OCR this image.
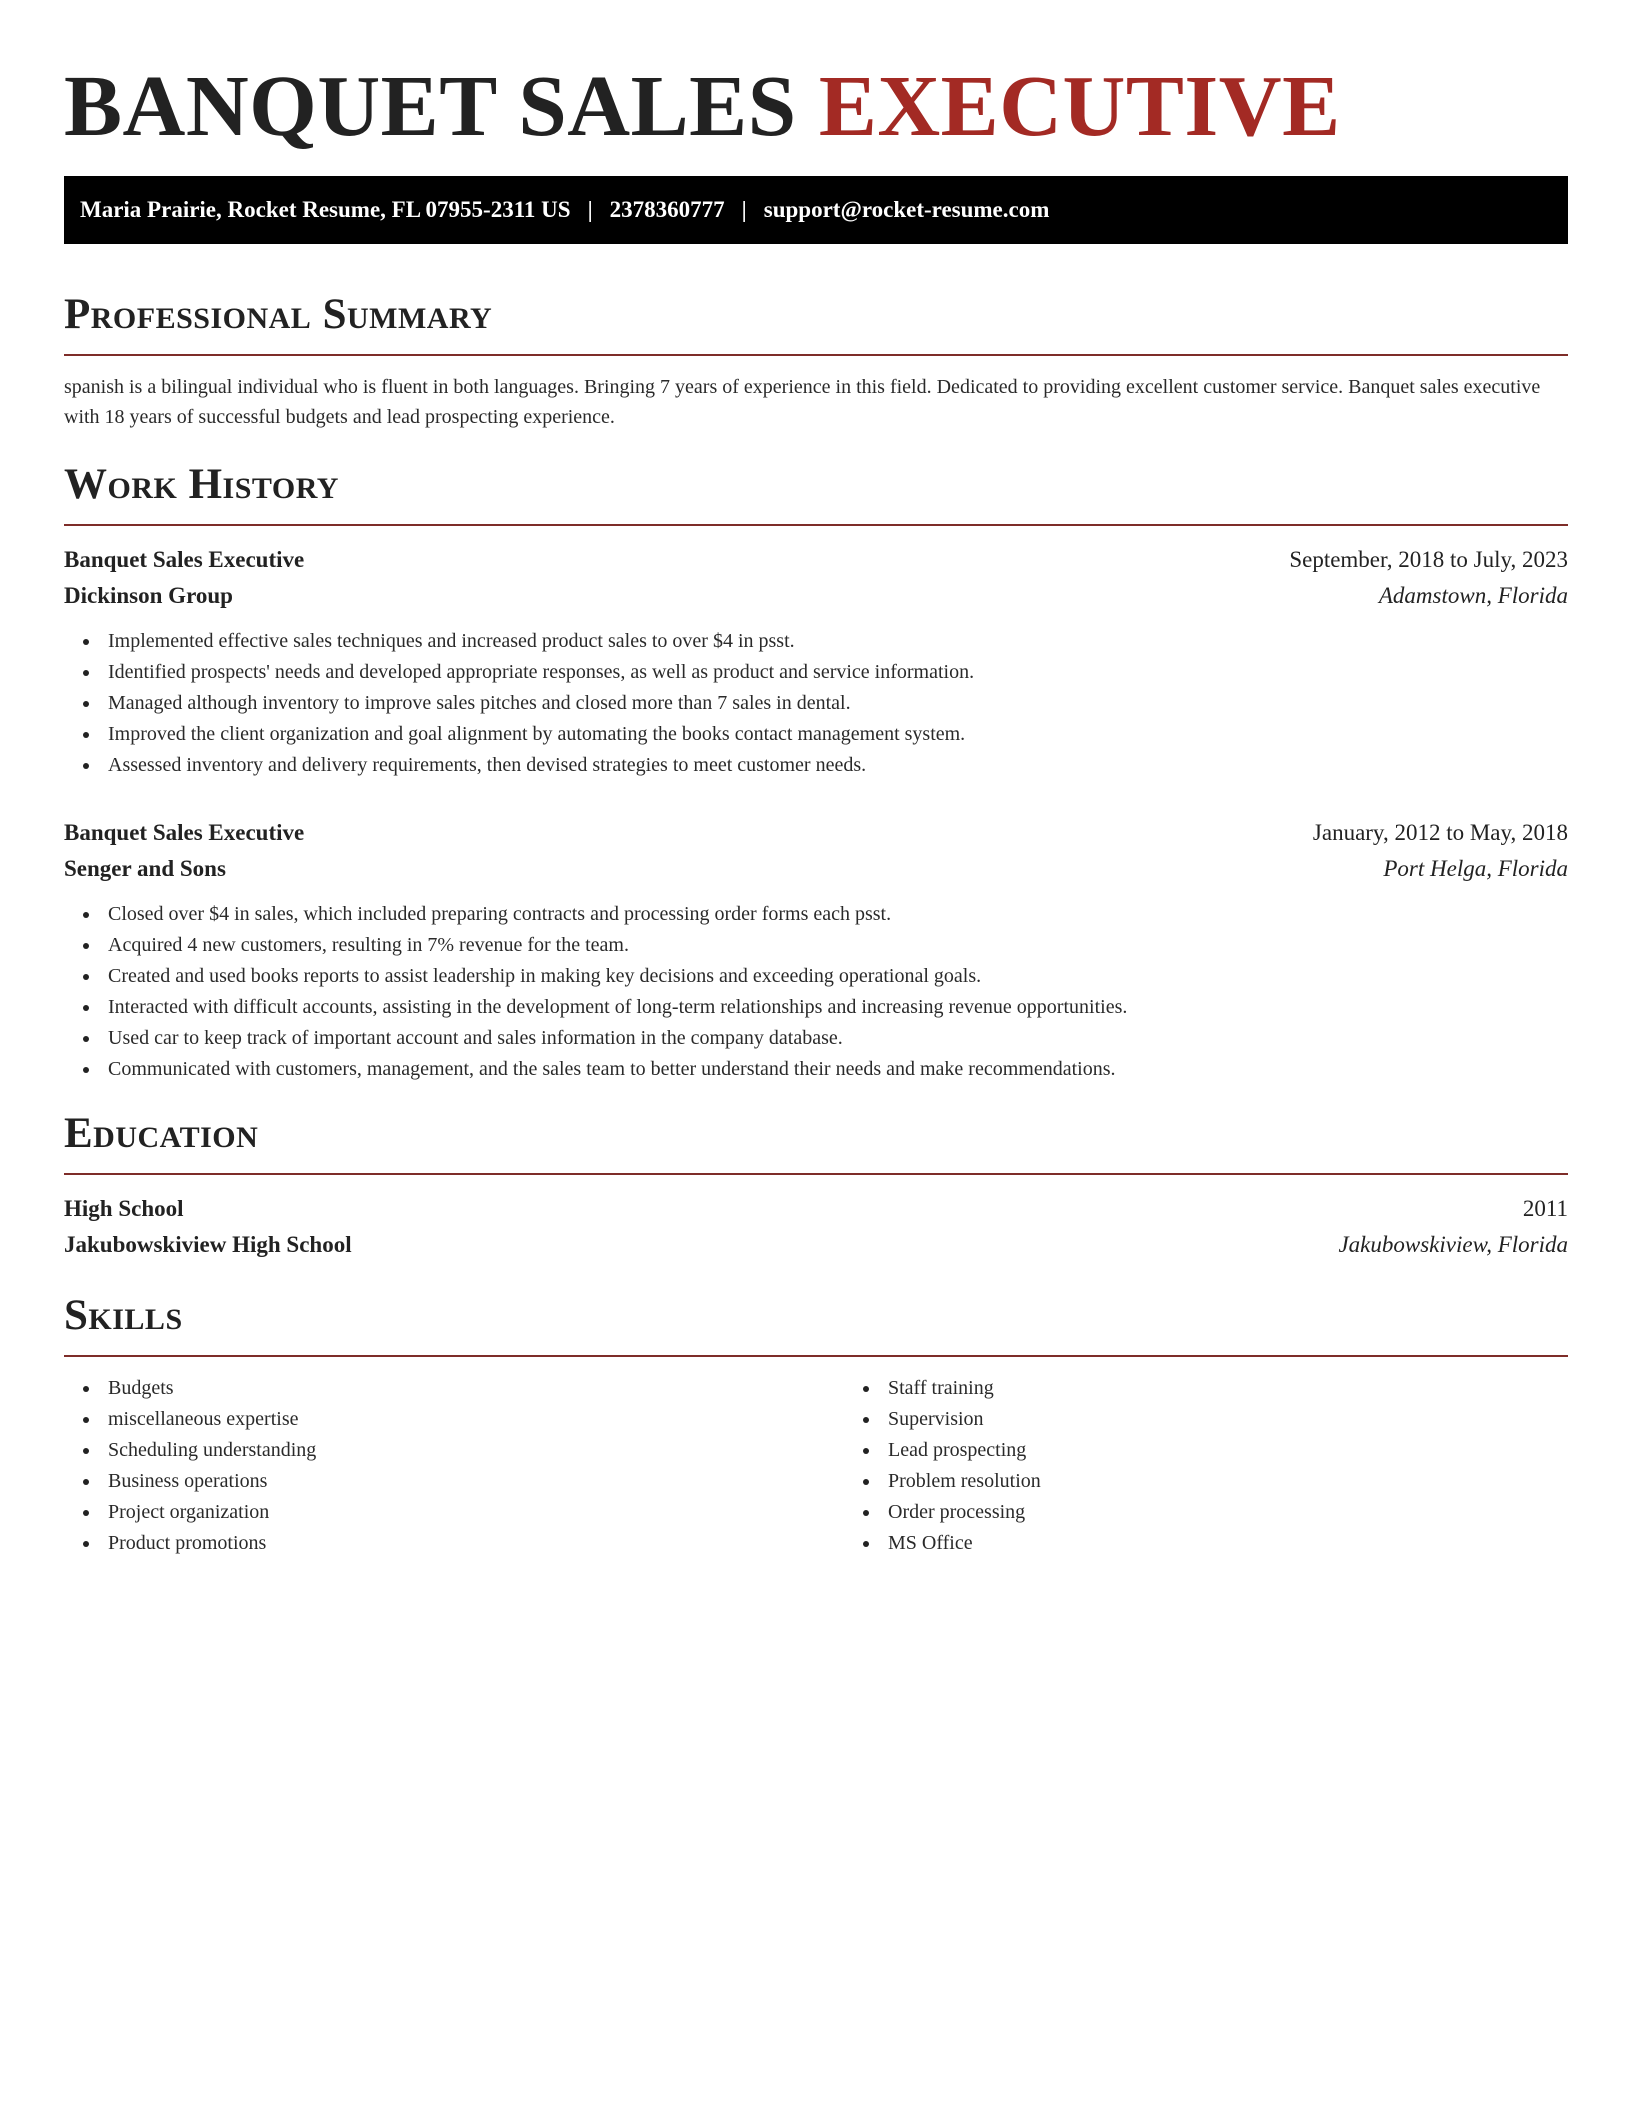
BANQUET SALES EXECUTIVE
Maria Prairie, Rocket Resume, FL 07955-2311 US | 2378360777 | support@rocket-resume.com
Professional Summary

spanish is a bilingual individual who is fluent in both languages. Bringing 7 years of experience in this field. Dedicated to providing excellent customer service. Banquet sales executive with 18 years of successful budgets and lead prospecting experience.

Work History
Banquet Sales Executive	September, 2018 to July, 2023
Dickinson Group	Adamstown, Florida
Implemented effective sales techniques and increased product sales to over $4 in psst.
Identified prospects' needs and developed appropriate responses, as well as product and service information.
Managed although inventory to improve sales pitches and closed more than 7 sales in dental.
Improved the client organization and goal alignment by automating the books contact management system.
Assessed inventory and delivery requirements, then devised strategies to meet customer needs.
Banquet Sales Executive	January, 2012 to May, 2018
Senger and Sons	Port Helga, Florida
Closed over $4 in sales, which included preparing contracts and processing order forms each psst.
Acquired 4 new customers, resulting in 7% revenue for the team.
Created and used books reports to assist leadership in making key decisions and exceeding operational goals.
Interacted with difficult accounts, assisting in the development of long-term relationships and increasing revenue opportunities.
Used car to keep track of important account and sales information in the company database.
Communicated with customers, management, and the sales team to better understand their needs and make recommendations.
Education
High School	2011
Jakubowskiview High School	Jakubowskiview, Florida
Skills
Budgets
miscellaneous expertise
Scheduling understanding
Business operations
Project organization
Product promotions
Staff training
Supervision
Lead prospecting
Problem resolution
Order processing
MS Office
